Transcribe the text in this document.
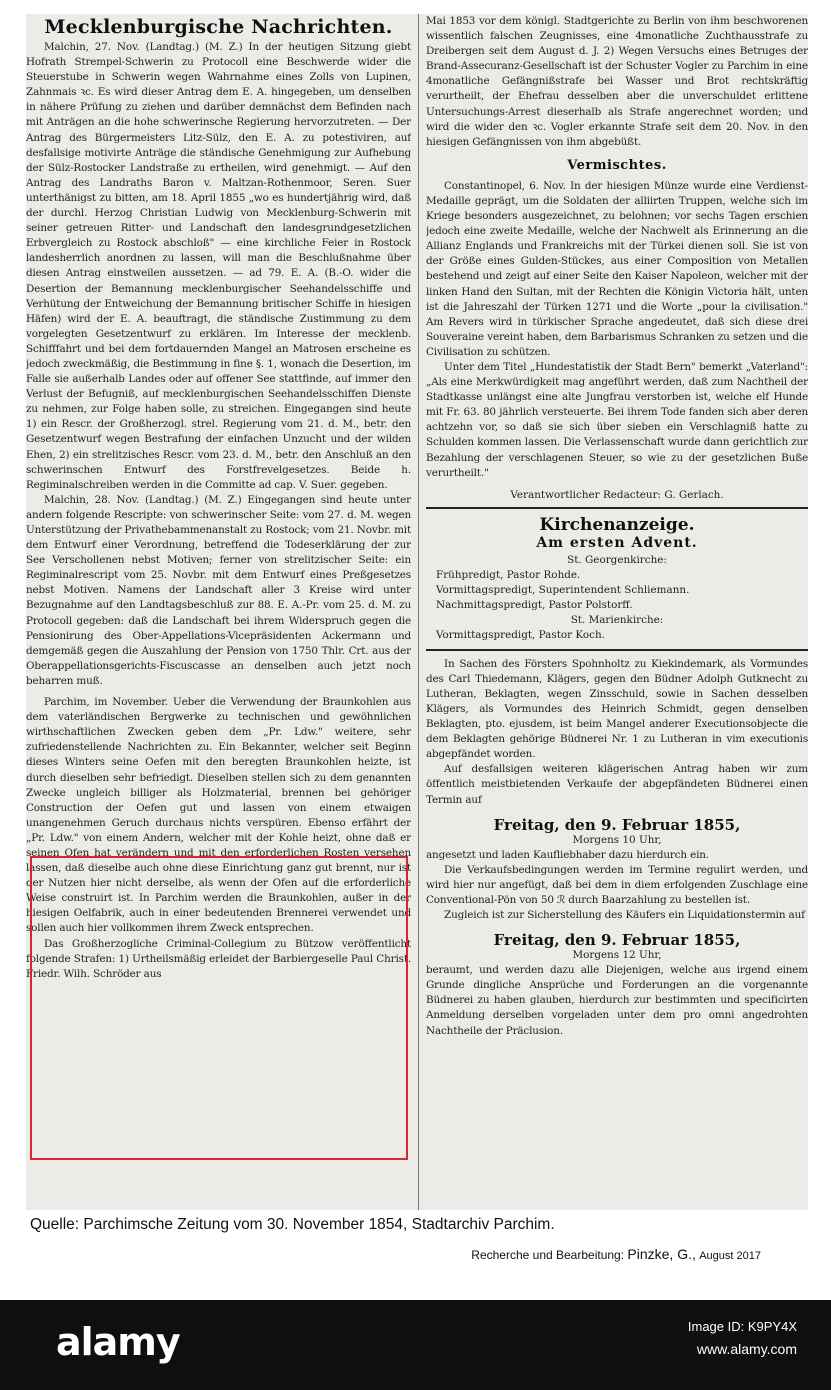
Mecklenburgische Nachrichten.

Malchin, 27. Nov. (Landtag.) (M. Z.) In der heutigen Sitzung giebt Hofrath Strempel-Schwerin zu Protocoll eine Beschwerde wider die Steuerstube in Schwerin wegen Wahrnahme eines Zolls von Lupinen, Zahnmais ꝛc. Es wird dieser Antrag dem E. A. hingegeben, um denselben in nähere Prüfung zu ziehen und darüber demnächst dem Befinden nach mit Anträgen an die hohe schwerinsche Regierung hervorzutreten. — Der Antrag des Bürgermeisters Litz-Sülz, den E. A. zu potestiviren, auf desfallsige motivirte Anträge die ständische Genehmigung zur Aufhebung der Sülz-Rostocker Landstraße zu ertheilen, wird genehmigt. — Auf den Antrag des Landraths Baron v. Maltzan-Rothenmoor, Seren. Suer unterthänigst zu bitten, am 18. April 1855 „wo es hundertjährig wird, daß der durchl. Herzog Christian Ludwig von Mecklenburg-Schwerin mit seiner getreuen Ritter- und Landschaft den landesgrundgesetzlichen Erbvergleich zu Rostock abschloß" — eine kirchliche Feier in Rostock landesherrlich anordnen zu lassen, will man die Beschlußnahme über diesen Antrag einstweilen aussetzen. — ad 79. E. A. (B.-O. wider die Desertion der Bemannung mecklenburgischer Seehandelsschiffe und Verhütung der Entweichung der Bemannung britischer Schiffe in hiesigen Häfen) wird der E. A. beauftragt, die ständische Zustimmung zu dem vorgelegten Gesetzentwurf zu erklären. Im Interesse der mecklenb. Schifffahrt und bei dem fortdauernden Mangel an Matrosen erscheine es jedoch zweckmäßig, die Bestimmung in fine §. 1, wonach die Desertion, im Falle sie außerhalb Landes oder auf offener See stattfinde, auf immer den Verlust der Befugniß, auf mecklenburgischen Seehandelsschiffen Dienste zu nehmen, zur Folge haben solle, zu streichen. Eingegangen sind heute 1) ein Rescr. der Großherzogl. strel. Regierung vom 21. d. M., betr. den Gesetzentwurf wegen Bestrafung der einfachen Unzucht und der wilden Ehen, 2) ein strelitzisches Rescr. vom 23. d. M., betr. den Anschluß an den schwerinschen Entwurf des Forstfrevelgesetzes. Beide h. Regiminalschreiben werden in die Committe ad cap. V. Suer. gegeben.

Malchin, 28. Nov. (Landtag.) (M. Z.) Eingegangen sind heute unter andern folgende Rescripte: von schwerinscher Seite: vom 27. d. M. wegen Unterstützung der Privathebammenanstalt zu Rostock; vom 21. Novbr. mit dem Entwurf einer Verordnung, betreffend die Todeserklärung der zur See Verschollenen nebst Motiven; ferner von strelitzischer Seite: ein Regiminalrescript vom 25. Novbr. mit dem Entwurf eines Preßgesetzes nebst Motiven. Namens der Landschaft aller 3 Kreise wird unter Bezugnahme auf den Landtagsbeschluß zur 88. E. A.-Pr. vom 25. d. M. zu Protocoll gegeben: daß die Landschaft bei ihrem Widerspruch gegen die Pensionirung des Ober-Appellations-Vicepräsidenten Ackermann und demgemäß gegen die Auszahlung der Pension von 1750 Thlr. Crt. aus der Oberappellationsgerichts-Fiscuscasse an denselben auch jetzt noch beharren muß.

Parchim, im November. Ueber die Verwendung der Braunkohlen aus dem vaterländischen Bergwerke zu technischen und gewöhnlichen wirthschaftlichen Zwecken geben dem „Pr. Ldw." weitere, sehr zufriedenstellende Nachrichten zu. Ein Bekannter, welcher seit Beginn dieses Winters seine Oefen mit den beregten Braunkohlen heizte, ist durch dieselben sehr befriedigt. Dieselben stellen sich zu dem genannten Zwecke ungleich billiger als Holzmaterial, brennen bei gehöriger Construction der Oefen gut und lassen von einem etwaigen unangenehmen Geruch durchaus nichts verspüren. Ebenso erfährt der „Pr. Ldw." von einem Andern, welcher mit der Kohle heizt, ohne daß er seinen Ofen hat verändern und mit den erforderlichen Rosten versehen lassen, daß dieselbe auch ohne diese Einrichtung ganz gut brennt, nur ist der Nutzen hier nicht derselbe, als wenn der Ofen auf die erforderliche Weise construirt ist. In Parchim werden die Braunkohlen, außer in der hiesigen Oelfabrik, auch in einer bedeutenden Brennerei verwendet und sollen auch hier vollkommen ihrem Zweck entsprechen.

Das Großherzogliche Criminal-Collegium zu Bützow veröffentlicht folgende Strafen: 1) Urtheilsmäßig erleidet der Barbiergeselle Paul Christ. Friedr. Wilh. Schröder aus

Mai 1853 vor dem königl. Stadtgerichte zu Berlin von ihm beschworenen wissentlich falschen Zeugnisses, eine 4monatliche Zuchthausstrafe zu Dreibergen seit dem August d. J. 2) Wegen Versuchs eines Betruges der Brand-Assecuranz-Gesellschaft ist der Schuster Vogler zu Parchim in eine 4monatliche Gefängnißstrafe bei Wasser und Brot rechtskräftig verurtheilt, der Ehefrau desselben aber die unverschuldet erlittene Untersuchungs-Arrest dieserhalb als Strafe angerechnet worden; und wird die wider den ꝛc. Vogler erkannte Strafe seit dem 20. Nov. in den hiesigen Gefängnissen von ihm abgebüßt.

Vermischtes.

Constantinopel, 6. Nov. In der hiesigen Münze wurde eine Verdienst-Medaille geprägt, um die Soldaten der alliirten Truppen, welche sich im Kriege besonders ausgezeichnet, zu belohnen; vor sechs Tagen erschien jedoch eine zweite Medaille, welche der Nachwelt als Erinnerung an die Allianz Englands und Frankreichs mit der Türkei dienen soll. Sie ist von der Größe eines Gulden-Stückes, aus einer Composition von Metallen bestehend und zeigt auf einer Seite den Kaiser Napoleon, welcher mit der linken Hand den Sultan, mit der Rechten die Königin Victoria hält, unten ist die Jahreszahl der Türken 1271 und die Worte „pour la civilisation." Am Revers wird in türkischer Sprache angedeutet, daß sich diese drei Souveraine vereint haben, dem Barbarismus Schranken zu setzen und die Civilisation zu schützen.

Unter dem Titel „Hundestatistik der Stadt Bern" bemerkt „Vaterland": „Als eine Merkwürdigkeit mag angeführt werden, daß zum Nachtheil der Stadtkasse unlängst eine alte Jungfrau verstorben ist, welche elf Hunde mit Fr. 63. 80 jährlich versteuerte. Bei ihrem Tode fanden sich aber deren achtzehn vor, so daß sie sich über sieben ein Verschlagniß hatte zu Schulden kommen lassen. Die Verlassenschaft wurde dann gerichtlich zur Bezahlung der verschlagenen Steuer, so wie zu der gesetzlichen Buße verurtheilt."

Verantwortlicher Redacteur: G. Gerlach.
Kirchenanzeige.
Am ersten Advent.
St. Georgenkirche:
Frühpredigt, Pastor Rohde.
Vormittagspredigt, Superintendent Schliemann.
Nachmittagspredigt, Pastor Polstorff.
St. Marienkirche:
Vormittagspredigt, Pastor Koch.

In Sachen des Försters Spohnholtz zu Kiekindemark, als Vormundes des Carl Thiedemann, Klägers, gegen den Büdner Adolph Gutknecht zu Lutheran, Beklagten, wegen Zinsschuld, sowie in Sachen desselben Klägers, als Vormundes des Heinrich Schmidt, gegen denselben Beklagten, pto. ejusdem, ist beim Mangel anderer Executionsobjecte die dem Beklagten gehörige Büdnerei Nr. 1 zu Lutheran in vim executionis abgepfändet worden.

Auf desfallsigen weiteren klägerischen Antrag haben wir zum öffentlich meistbietenden Verkaufe der abgepfändeten Büdnerei einen Termin auf

Freitag, den 9. Februar 1855,
Morgens 10 Uhr,

angesetzt und laden Kaufliebhaber dazu hierdurch ein.

Die Verkaufsbedingungen werden im Termine regulirt werden, und wird hier nur angefügt, daß bei dem in diem erfolgenden Zuschlage eine Conventional-Pön von 50 ℛ durch Baarzahlung zu bestellen ist.

Zugleich ist zur Sicherstellung des Käufers ein Liquidationstermin auf

Freitag, den 9. Februar 1855,
Morgens 12 Uhr,

beraumt, und werden dazu alle Diejenigen, welche aus irgend einem Grunde dingliche Ansprüche und Forderungen an die vorgenannte Büdnerei zu haben glauben, hierdurch zur bestimmten und specificirten Anmeldung derselben vorgeladen unter dem pro omni angedrohten Nachtheile der Präclusion.

Quelle: Parchimsche Zeitung vom 30. November 1854, Stadtarchiv Parchim.
Recherche und Bearbeitung: Pinzke, G., August 2017
alamy	Image ID: K9PY4X
www.alamy.com
